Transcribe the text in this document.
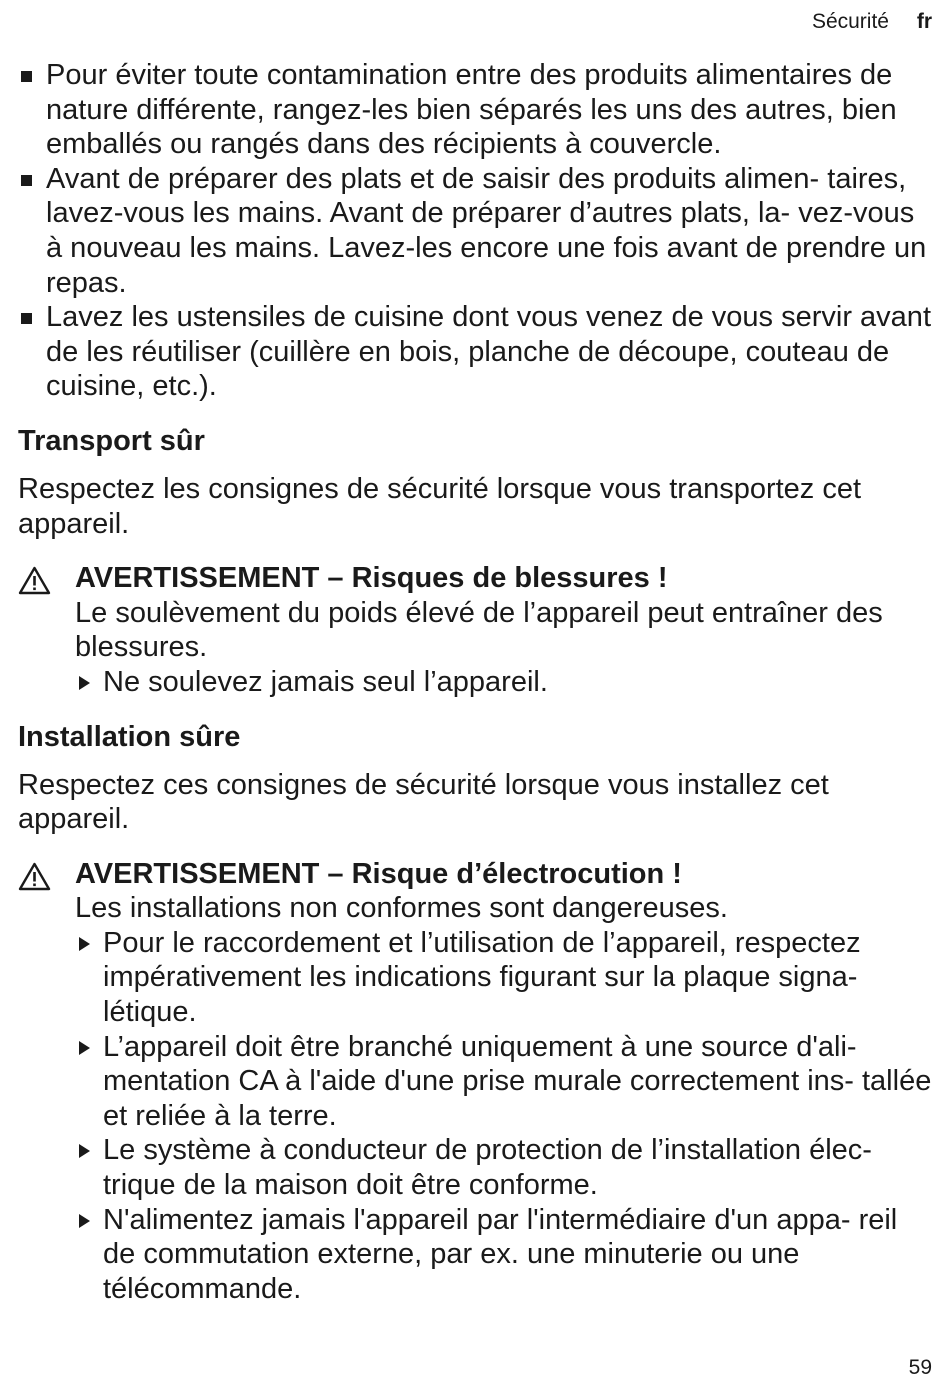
Sécurité fr
Pour éviter toute contamination entre des produits alimentaires de nature différente, rangez-les bien séparés les uns des autres, bien emballés ou rangés dans des récipients à couvercle.
Avant de préparer des plats et de saisir des produits alimen- taires, lavez-vous les mains. Avant de préparer d’autres plats, la- vez-vous à nouveau les mains. Lavez-les encore une fois avant de prendre un repas.
Lavez les ustensiles de cuisine dont vous venez de vous servir avant de les réutiliser (cuillère en bois, planche de découpe, couteau de cuisine, etc.).
Transport sûr

Respectez les consignes de sécurité lorsque vous transportez cet appareil.

AVERTISSEMENT – Risques de blessures !
Le soulèvement du poids élevé de l’appareil peut entraîner des blessures.
Ne soulevez jamais seul l’appareil.
Installation sûre

Respectez ces consignes de sécurité lorsque vous installez cet appareil.

AVERTISSEMENT – Risque d’électrocution !
Les installations non conformes sont dangereuses.
Pour le raccordement et l’utilisation de l’appareil, respectez impérativement les indications figurant sur la plaque signa- létique.
L’appareil doit être branché uniquement à une source d'ali- mentation CA à l'aide d'une prise murale correctement ins- tallée et reliée à la terre.
Le système à conducteur de protection de l’installation élec- trique de la maison doit être conforme.
N'alimentez jamais l'appareil par l'intermédiaire d'un appa- reil de commutation externe, par ex. une minuterie ou une télécommande.
59
